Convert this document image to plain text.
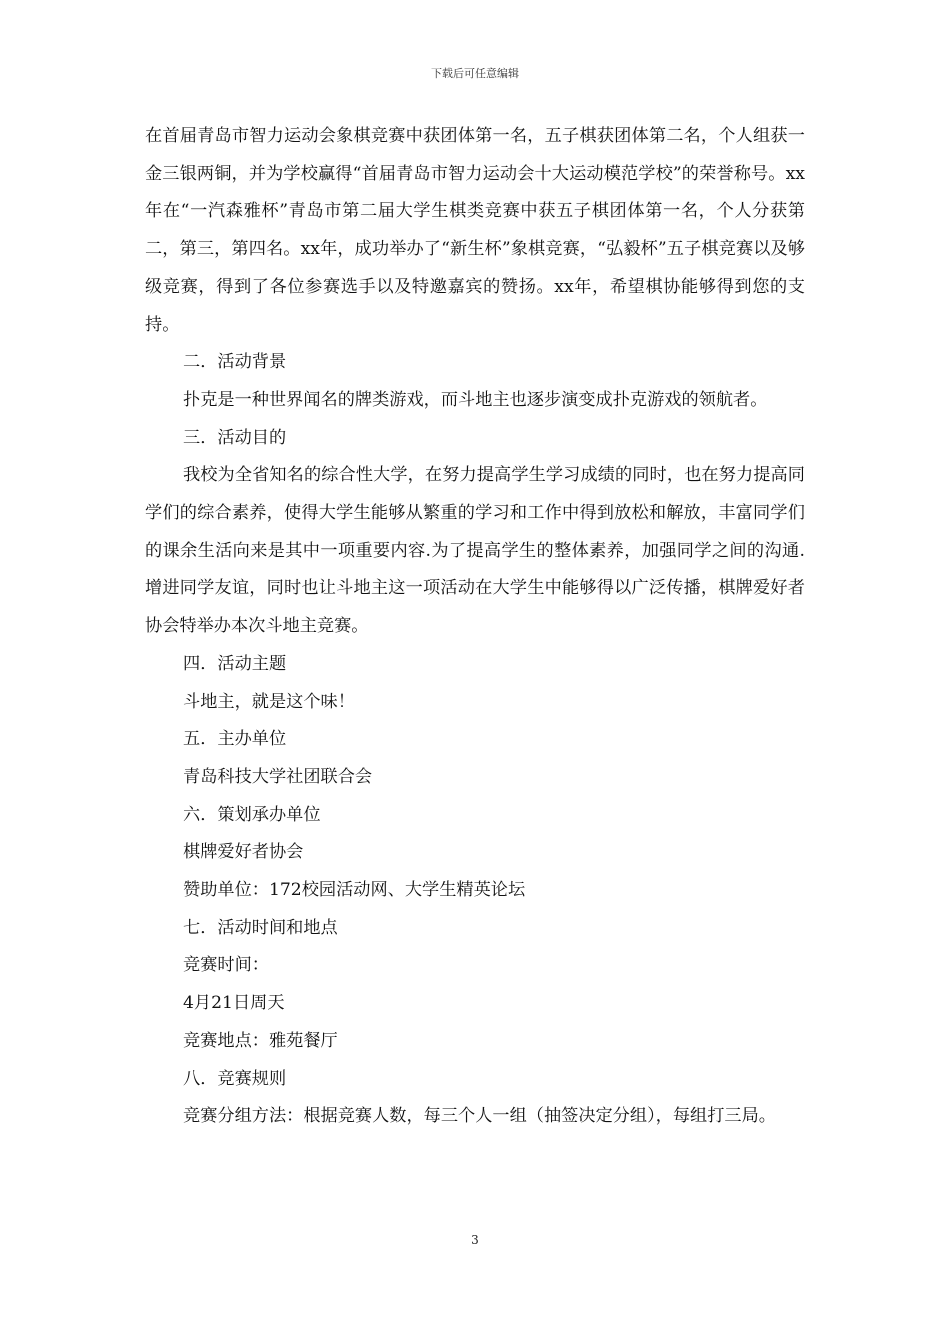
下载后可任意编辑

在首届青岛市智力运动会象棋竞赛中获团体第一名，五子棋获团体第二名，个人组获一金三银两铜，并为学校赢得“首届青岛市智力运动会十大运动模范学校”的荣誉称号。xx年在“一汽森雅杯”青岛市第二届大学生棋类竞赛中获五子棋团体第一名，个人分获第二，第三，第四名。xx年，成功举办了“新生杯”象棋竞赛，“弘毅杯”五子棋竞赛以及够级竞赛，得到了各位参赛选手以及特邀嘉宾的赞扬。xx年，希望棋协能够得到您的支持。

二．活动背景

扑克是一种世界闻名的牌类游戏，而斗地主也逐步演变成扑克游戏的领航者。

三．活动目的

我校为全省知名的综合性大学，在努力提高学生学习成绩的同时，也在努力提高同学们的综合素养，使得大学生能够从繁重的学习和工作中得到放松和解放，丰富同学们的课余生活向来是其中一项重要内容.为了提高学生的整体素养，加强同学之间的沟通.增进同学友谊，同时也让斗地主这一项活动在大学生中能够得以广泛传播，棋牌爱好者协会特举办本次斗地主竞赛。

四．活动主题

斗地主，就是这个味！

五．主办单位

青岛科技大学社团联合会

六．策划承办单位

棋牌爱好者协会

赞助单位：172校园活动网、大学生精英论坛

七．活动时间和地点

竞赛时间：

4月21日周天

竞赛地点：雅苑餐厅

八．竞赛规则

竞赛分组方法：根据竞赛人数，每三个人一组（抽签决定分组），每组打三局。

3
